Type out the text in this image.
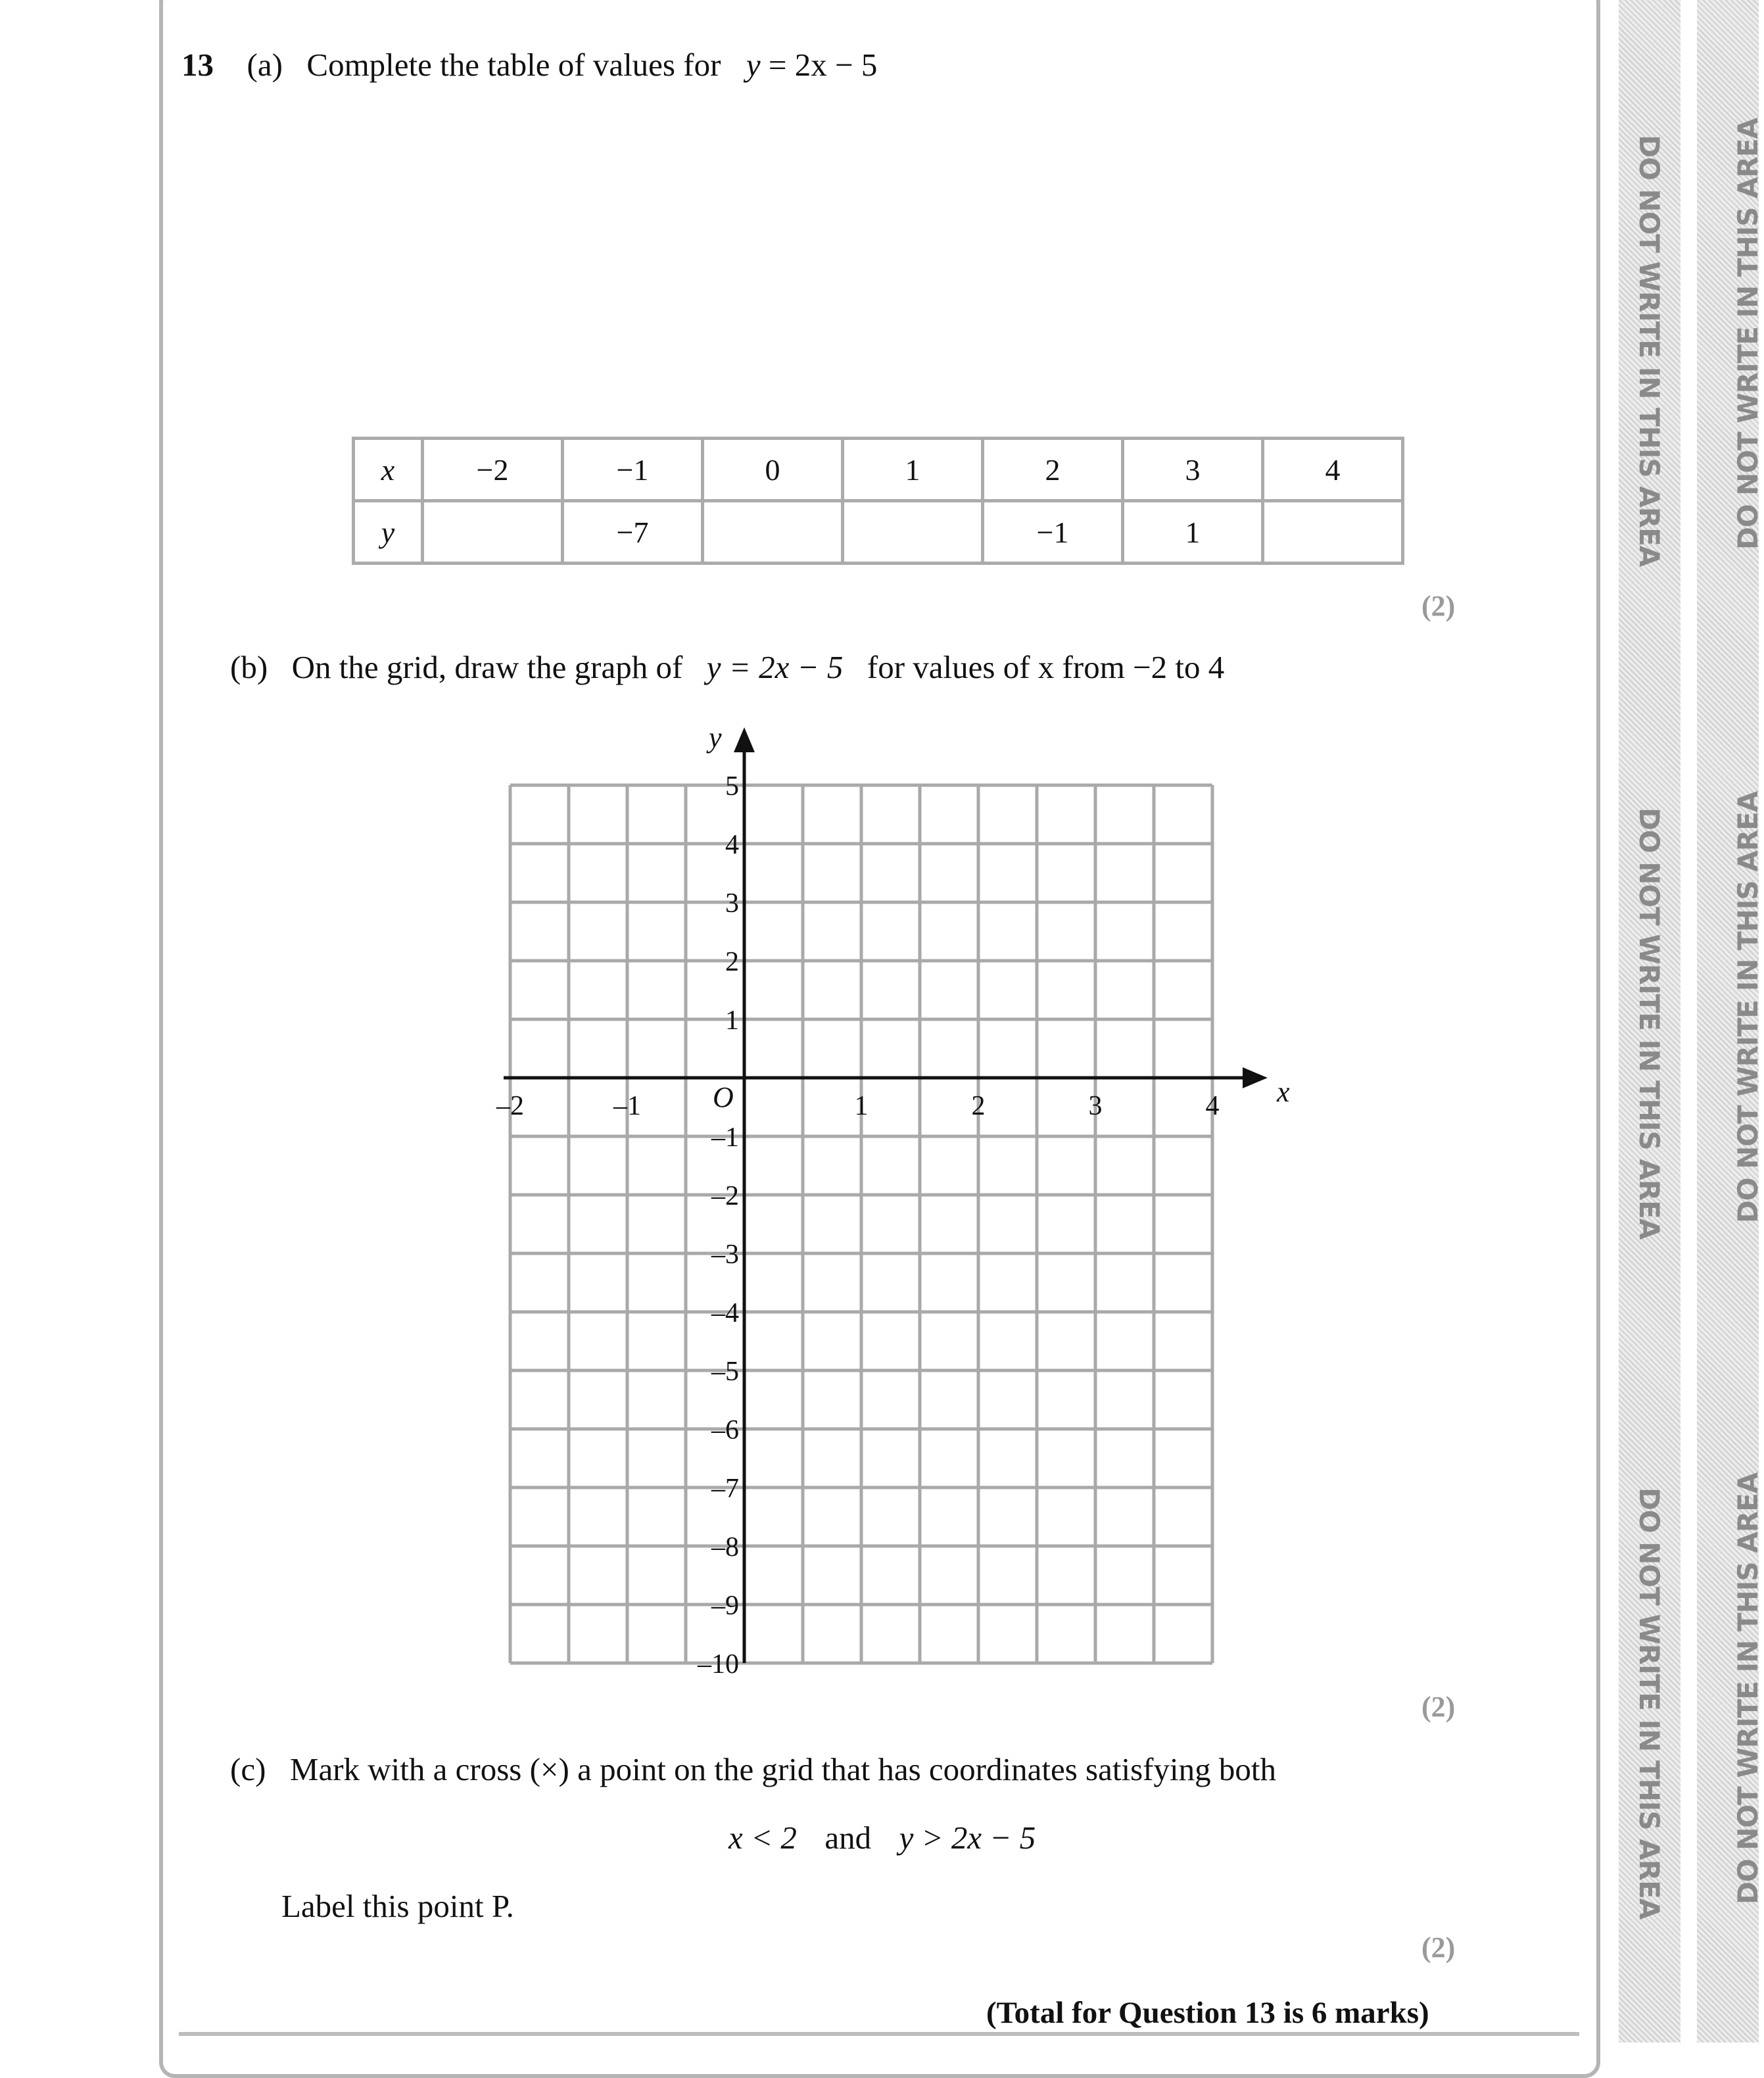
13 (a) Complete the table of values for y = 2x − 5
x	−2	−1	0	1	2	3	4
y		−7			−1	1	
(2)
(b) On the grid, draw the graph of y = 2x − 5 for values of x from −2 to 4
x
y
O
–2	–1	1	2	3	4
5
4
3
2
1
–1
–2
–3
–4
–5
–6
–7
–8
–9
–10
(2)
(c) Mark with a cross (×) a point on the grid that has coordinates satisfying both
x < 2 and y > 2x − 5
Label this point P.
(2)
(Total for Question 13 is 6 marks)
DO NOT WRITE IN THIS AREA
DO NOT WRITE IN THIS AREA
DO NOT WRITE IN THIS AREA
DO NOT WRITE IN THIS AREA
DO NOT WRITE IN THIS AREA
DO NOT WRITE IN THIS AREA
